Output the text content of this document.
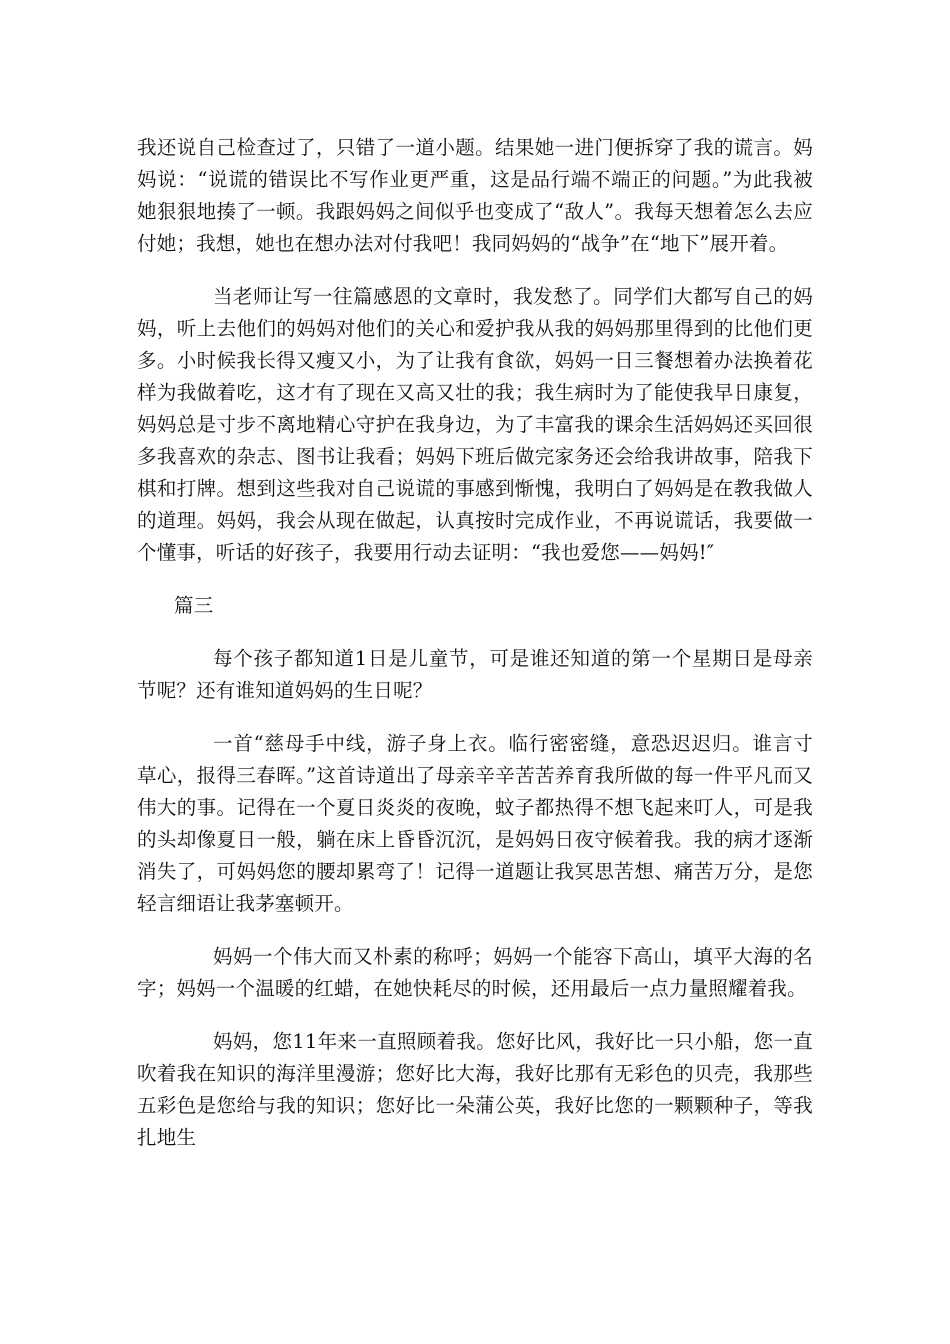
我还说自己检查过了，只错了一道小题。结果她一进门便拆穿了我的谎言。妈妈说：“说谎的错误比不写作业更严重，这是品行端不端正的问题。”为此我被她狠狠地揍了一顿。我跟妈妈之间似乎也变成了“敌人”。我每天想着怎么去应付她；我想，她也在想办法对付我吧！我同妈妈的“战争”在“地下”展开着。

当老师让写一往篇感恩的文章时，我发愁了。同学们大都写自己的妈妈，听上去他们的妈妈对他们的关心和爱护我从我的妈妈那里得到的比他们更多。小时候我长得又瘦又小，为了让我有食欲，妈妈一日三餐想着办法换着花样为我做着吃，这才有了现在又高又壮的我；我生病时为了能使我早日康复，妈妈总是寸步不离地精心守护在我身边，为了丰富我的课余生活妈妈还买回很多我喜欢的杂志、图书让我看；妈妈下班后做完家务还会给我讲故事，陪我下棋和打牌。想到这些我对自己说谎的事感到惭愧，我明白了妈妈是在教我做人的道理。妈妈，我会从现在做起，认真按时完成作业，不再说谎话，我要做一个懂事，听话的好孩子，我要用行动去证明：“我也爱您——妈妈!″

篇三

每个孩子都知道1日是儿童节，可是谁还知道的第一个星期日是母亲节呢？还有谁知道妈妈的生日呢？

一首“慈母手中线，游子身上衣。临行密密缝，意恐迟迟归。谁言寸草心，报得三春晖。”这首诗道出了母亲辛辛苦苦养育我所做的每一件平凡而又伟大的事。记得在一个夏日炎炎的夜晚，蚊子都热得不想飞起来叮人，可是我的头却像夏日一般，躺在床上昏昏沉沉，是妈妈日夜守候着我。我的病才逐渐消失了，可妈妈您的腰却累弯了！记得一道题让我冥思苦想、痛苦万分，是您轻言细语让我茅塞顿开。

妈妈一个伟大而又朴素的称呼；妈妈一个能容下高山，填平大海的名字；妈妈一个温暖的红蜡，在她快耗尽的时候，还用最后一点力量照耀着我。

妈妈，您11年来一直照顾着我。您好比风，我好比一只小船，您一直吹着我在知识的海洋里漫游；您好比大海，我好比那有无彩色的贝壳，我那些五彩色是您给与我的知识；您好比一朵蒲公英，我好比您的一颗颗种子，等我扎地生
